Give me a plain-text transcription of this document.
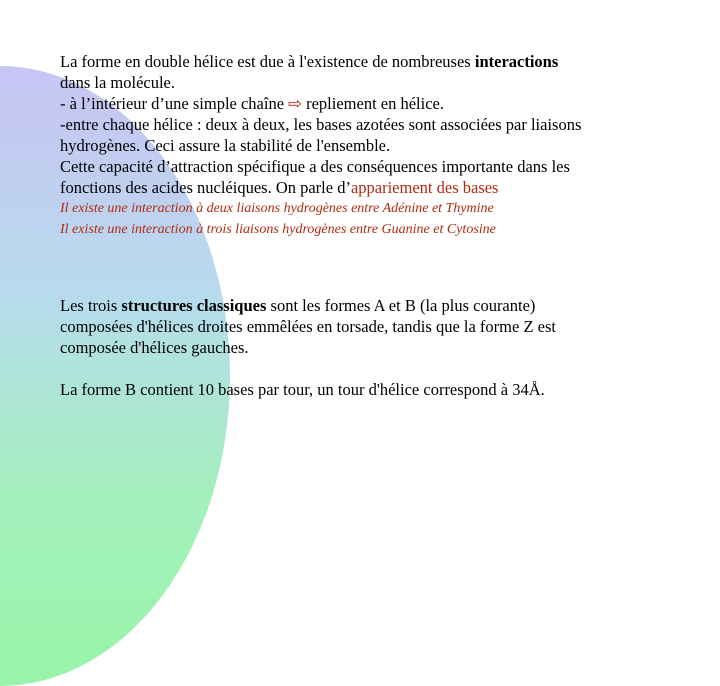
La forme en double hélice est due à l'existence de nombreuses interactions

dans la molécule.

- à l’intérieur d’une simple chaîne ⇨ repliement en hélice.

-entre chaque hélice : deux à deux, les bases azotées sont associées par liaisons

hydrogènes. Ceci assure la stabilité de l'ensemble.

Cette capacité d’attraction spécifique a des conséquences importante dans les

fonctions des acides nucléiques. On parle d’appariement des bases

Il existe une interaction à deux liaisons hydrogènes entre Adénine et Thymine

Il existe une interaction à trois liaisons hydrogènes entre Guanine et Cytosine

Les trois structures classiques sont les formes A et B (la plus courante)

composées d'hélices droites emmêlées en torsade, tandis que la forme Z est

composée d'hélices gauches.

La forme B contient 10 bases par tour, un tour d'hélice correspond à 34Å.
